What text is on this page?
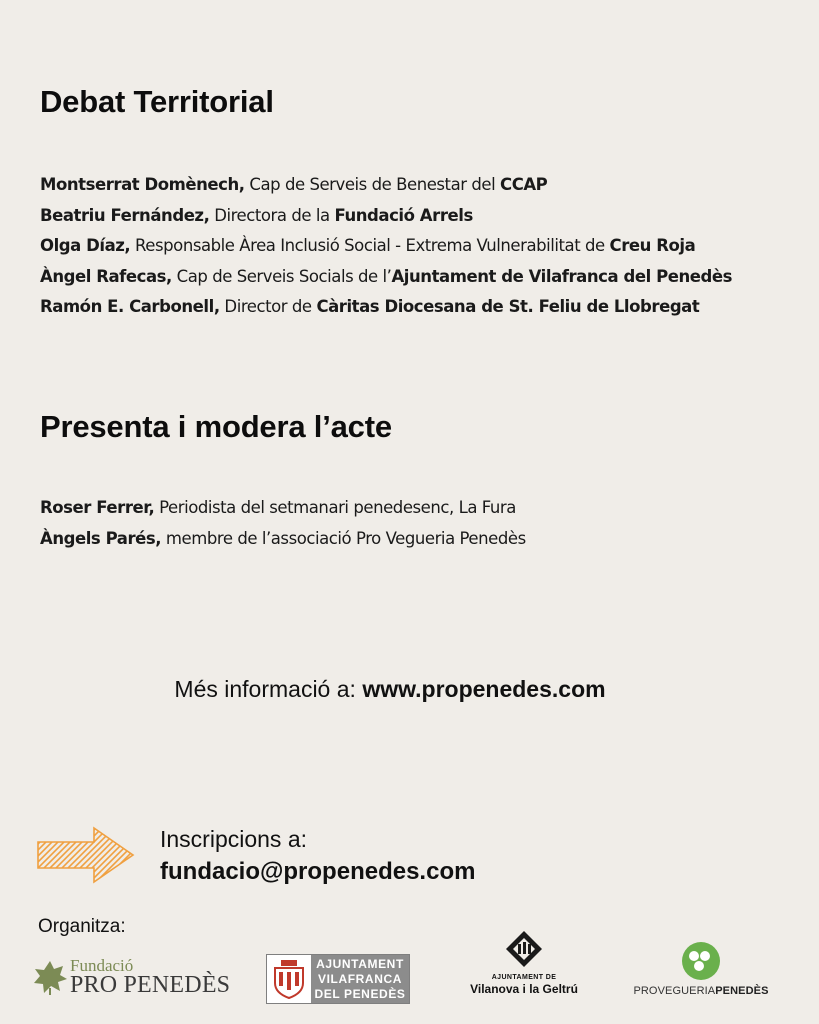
Debat Territorial
Montserrat Domènech, Cap de Serveis de Benestar del CCAP
Beatriu Fernández, Directora de la Fundació Arrels
Olga Díaz, Responsable Àrea Inclusió Social - Extrema Vulnerabilitat de Creu Roja
Àngel Rafecas, Cap de Serveis Socials de l’Ajuntament de Vilafranca del Penedès
Ramón E. Carbonell, Director de Càritas Diocesana de St. Feliu de Llobregat
Presenta i modera l’acte
Roser Ferrer, Periodista del setmanari penedesenc, La Fura
Àngels Parés, membre de l’associació Pro Vegueria Penedès
Més informació a: www.propenedes.com
Inscripcions a:
fundacio@propenedes.com
Organitza:
Fundació
PRO PENEDÈS
AJUNTAMENT
VILAFRANCA
DEL PENEDÈS
AJUNTAMENT DE
Vilanova i la Geltrú	PROVEGUERIAPENEDÈS
